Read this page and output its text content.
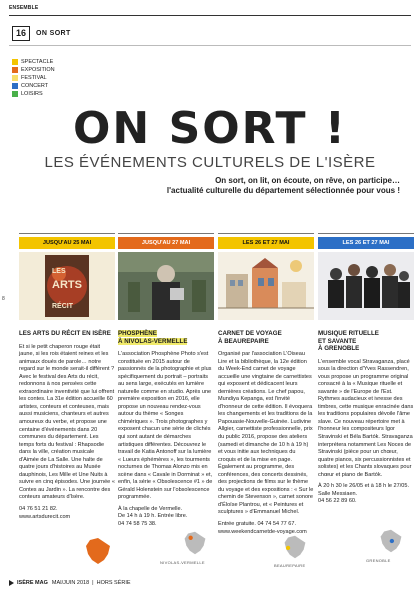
ENSEMBLE
16	ON SORT
SPECTACLE
EXPOSITION
FESTIVAL
CONCERT
LOISIRS
ON SORT !
LES ÉVÉNEMENTS CULTURELS DE L'ISÈRE
On sort, on lit, on écoute, on rêve, on participe…
l'actualité culturelle du département sélectionnée pour vous !
JUSQU'AU 25 MAI
LES
ARTS
RÉCIT
LES ARTS DU RÉCIT EN ISÈRE
Et si le petit chaperon rouge était jaune, si les rois étaient reines et les animaux doués de parole… notre regard sur le monde serait-il différent ? Avec le festival des Arts du récit, redonnons à nos pensées cette extraordinaire inventivité que lui offrent les contes. La 31e édition accueille 60 artistes, conteurs et conteuses, mais aussi musiciens, chanteurs et autres amoureux du verbe, et propose une centaine d'événements dans 20 communes du département. Les temps forts du festival : Rhapsodie dans la ville, création musicale d'Aimée de La Salle. Une halte de quatre jours d'histoires au Musée dauphinois, Les Mille et Une Nuits à suivre en cinq épisodes. Une journée « Contes au Jardin ». La rencontre des conteurs amateurs d'Isère.
04 76 51 21 82.
www.artsdurecit.com
JUSQU'AU 27 MAI
PHOSPHÈNE
À NIVOLAS-VERMELLE
L'association Phosphène Photo s'est constituée en 2015 autour de passionnés de la photographie et plus spécifiquement du portrait – portraits au sens large, exécutés en lumière naturelle comme en studio. Après une première exposition en 2016, elle propose un nouveau rendez-vous autour du thème « Songes chimériques ». Trois photographes y exposent chacun une série de clichés qui sont autant de démarches artistiques différentes. Découvrez le travail de Katia Antonoff sur la lumière « Lueurs éphémères », les tourments nocturnes de Thomas Alonzo mis en scène dans « Cavale in Dorminat » et, enfin, la série « Obsolescence #1 » de Gérald Holenstein sur l'obsolescence programmée.
À la chapelle de Vermelle.
De 14 h à 19 h. Entrée libre.
04 74 58 75 38.
LES 26 ET 27 MAI
CARNET DE VOYAGE
À BEAUREPAIRE
Organisé par l'association L'Oiseau Lire et la bibliothèque, la 12e édition du Week-End carnet de voyage accueille une vingtaine de carnettistes qui exposent et dédicacent leurs dernières créations. Le chef papou, Mundiya Kepanga, est l'invité d'honneur de cette édition. Il évoquera les changements et les traditions de la Papouasie-Nouvelle-Guinée. Ludivine Allgier, carnettiste professionnelle, prix du public 2016, propose des ateliers (samedi et dimanche de 10 h à 19 h) et vous initie aux techniques du croquis et de la mise en page. Également au programme, des conférences, des concerts dessinés, des projections de films sur le thème du voyage et des expositions : « Sur le chemin de Stevenson », carnet sonore d'Éloïse Plantrou, et « Peintures et sculptures » d'Emmanuel Michel.
Entrée gratuite. 04 74 54 77 67.
www.weekendcarnetde-voyage.com
LES 26 ET 27 MAI
MUSIQUE RITUELLE
ET SAVANTE
À GRENOBLE
L'ensemble vocal Stravaganza, placé sous la direction d'Yves Rassendren, vous propose un programme original consacré à la « Musique rituelle et savante » de l'Europe de l'Est. Rythmes audacieux et ivresse des timbres, cette musique enracinée dans les traditions populaires dévoile l'âme slave. Ce nouveau répertoire met à l'honneur les compositeurs Igor Stravinski et Béla Bartók. Stravaganza interprétera notamment Les Noces de Stravinski (pièce pour un chœur, quatre pianos, six percussionnistes et solistes) et les Chants slovaques pour chœur et piano de Bartók.
À 20 h 30 le 26/05 et à 18 h le 27/05. Salle Messiaen.
04 56 22 89 60.
NIVOLAS-VERMELLE
BEAUREPAIRE
GRENOBLE
8
ISÈRE MAG MAI/JUIN 2018 | HORS SÉRIE
